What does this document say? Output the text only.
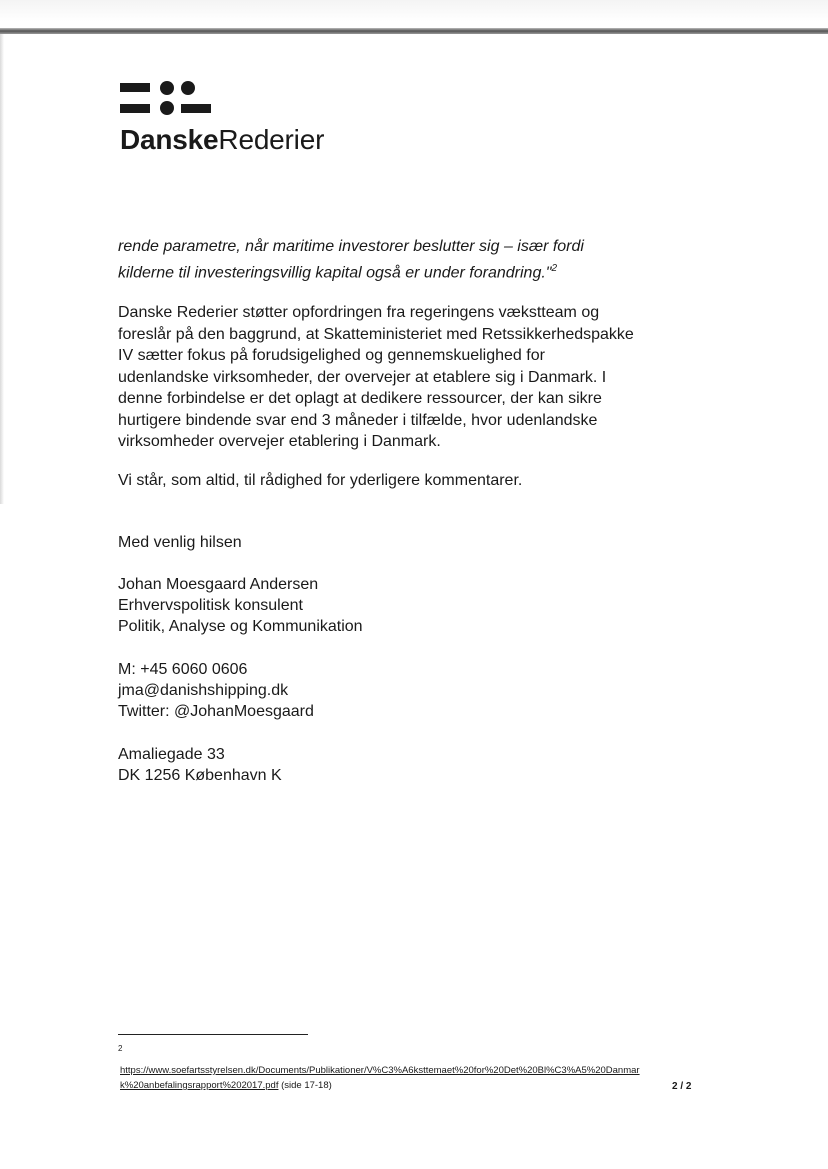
DanskeRederier

rende parametre, når maritime investorer beslutter sig – især fordi kilderne til investeringsvillig kapital også er under forandring."$^2$

Danske Rederier støtter opfordringen fra regeringens vækstteam og foreslår på den baggrund, at Skatteministeriet med Retssikkerhedspakke IV sætter fokus på forudsigelighed og gennemskuelighed for udenlandske virksomheder, der overvejer at etablere sig i Danmark. I denne forbindelse er det oplagt at dedikere ressourcer, der kan sikre hurtigere bindende svar end 3 måneder i tilfælde, hvor udenlandske virksomheder overvejer etablering i Danmark.

Vi står, som altid, til rådighed for yderligere kommentarer.

Med venlig hilsen
Johan Moesgaard Andersen
Erhvervspolitisk konsulent
Politik, Analyse og Kommunikation
M: +45 6060 0606
jma@danishshipping.dk
Twitter: @JohanMoesgaard
Amaliegade 33
DK 1256 København K
2
https://www.soefartsstyrelsen.dk/Documents/Publikationer/V%C3%A6ksttemaet%20for%20Det%20Bl%C3%A5%20Danmark%20anbefalingsrapport%202017.pdf (side 17-18)	2 / 2
